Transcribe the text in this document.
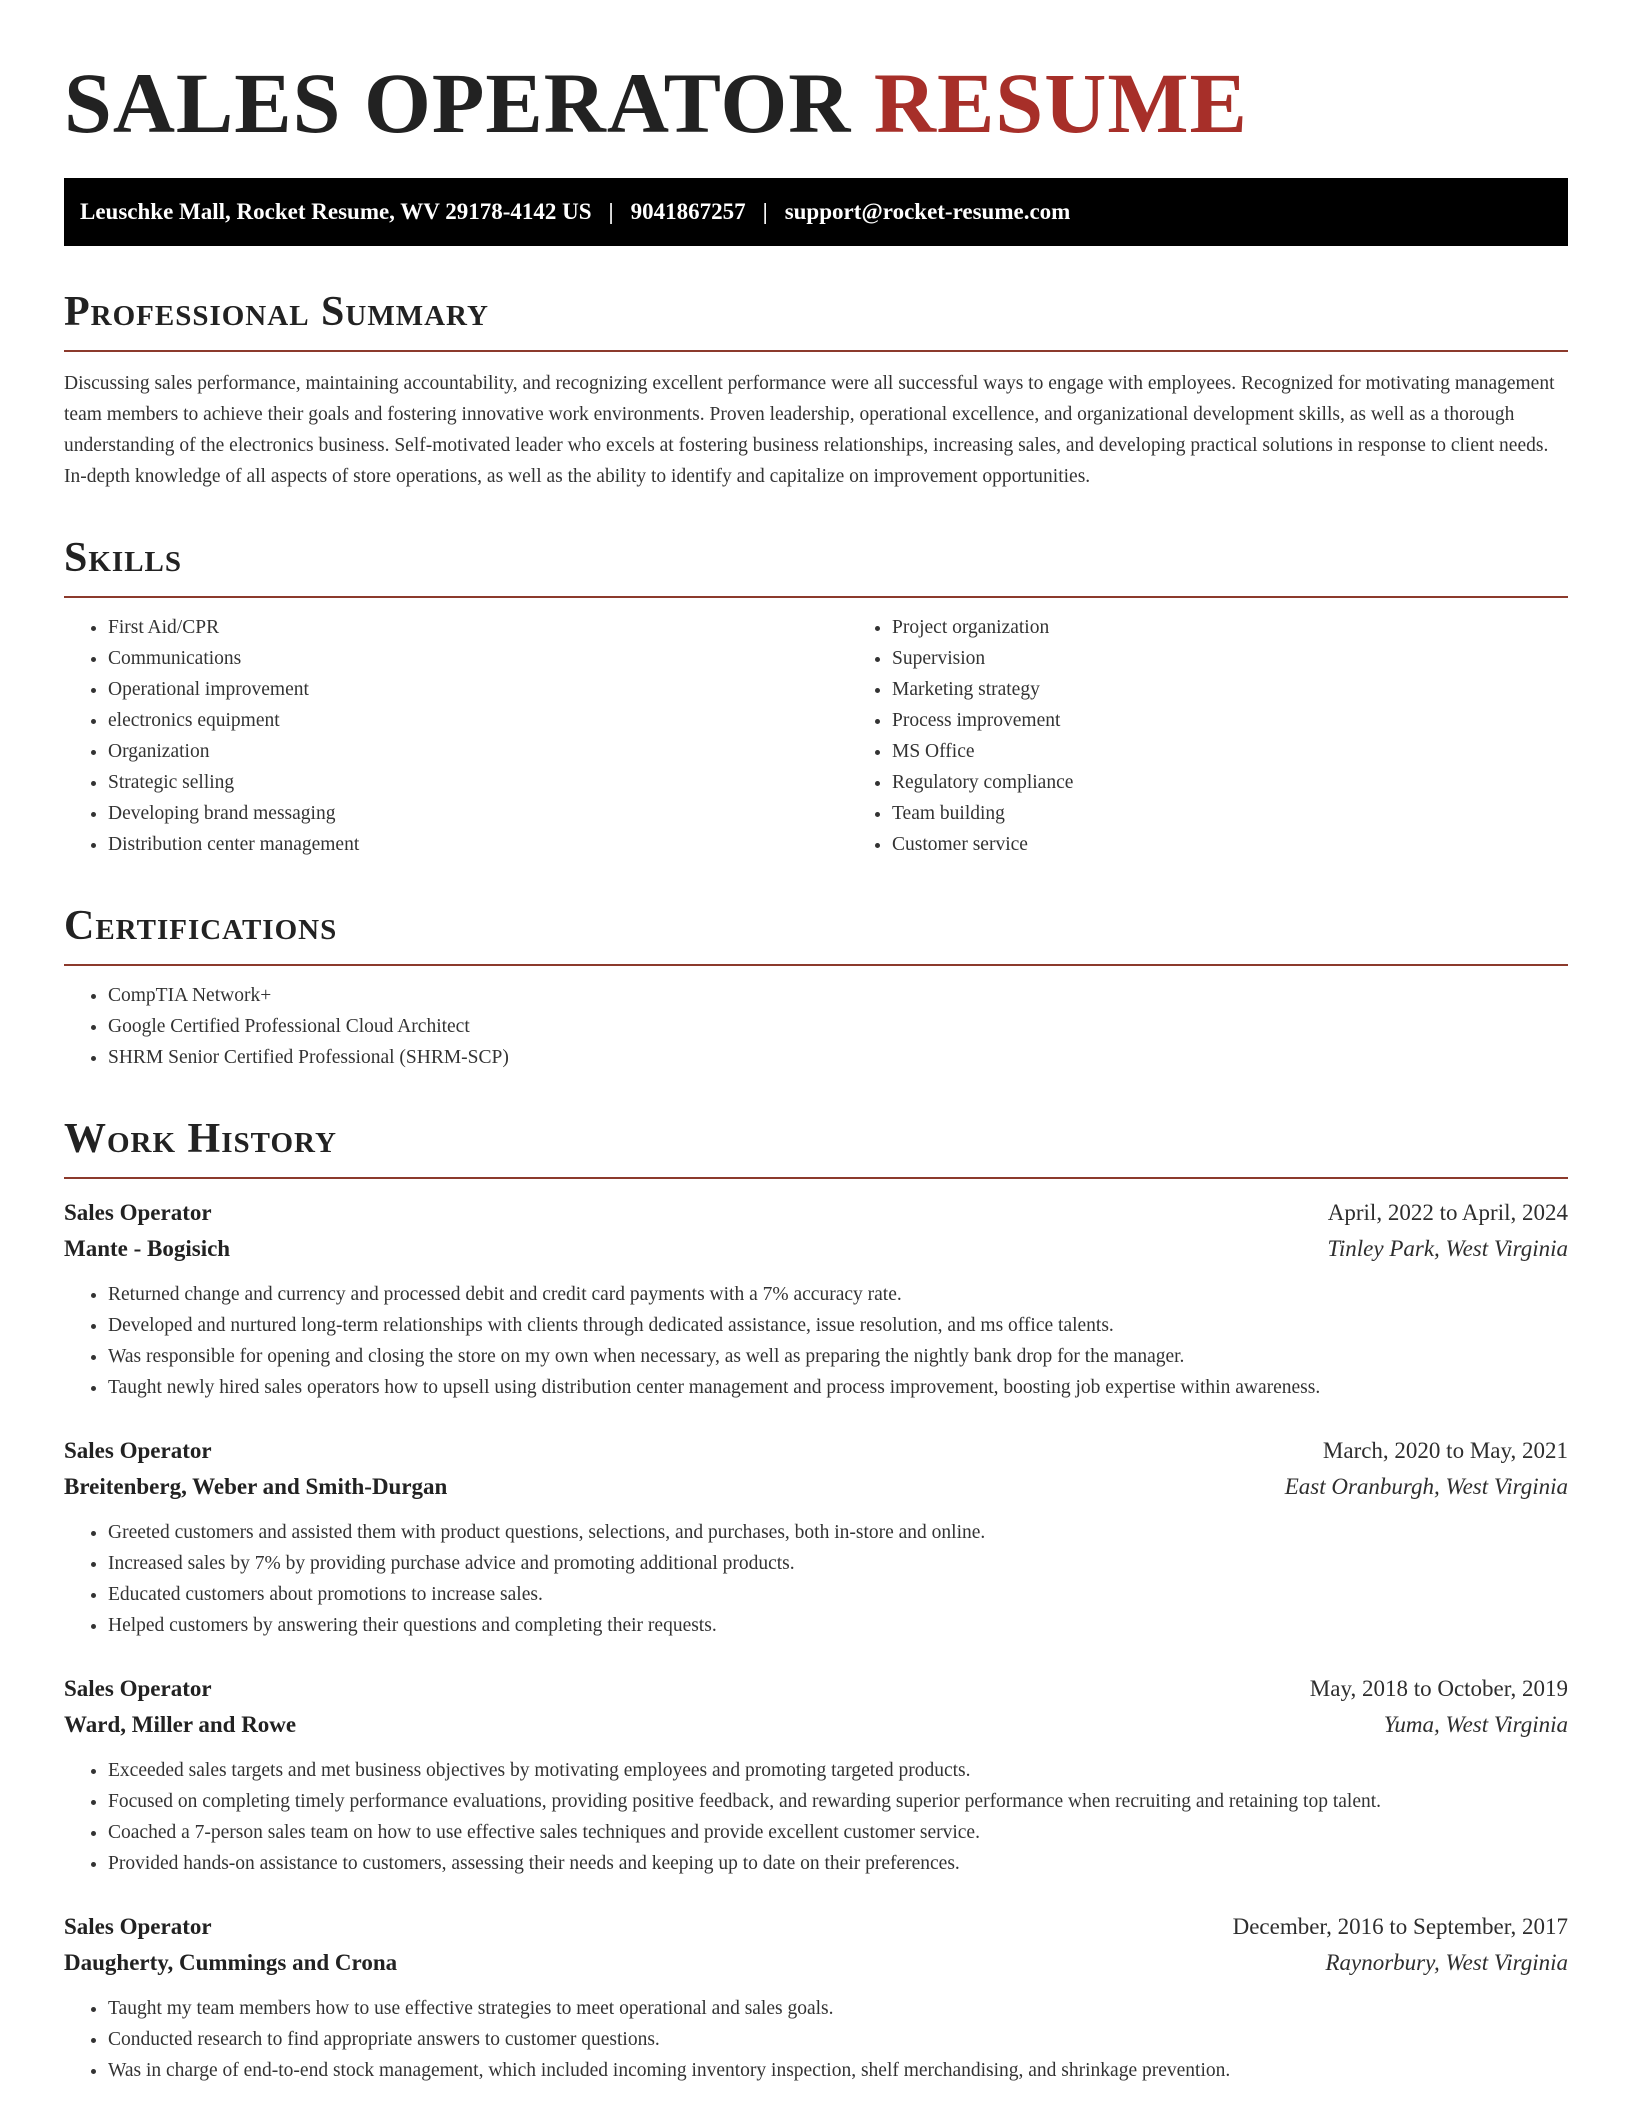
SALES OPERATOR RESUME
Leuschke Mall, Rocket Resume, WV 29178-4142 US | 9041867257 | support@rocket-resume.com
Professional Summary

Discussing sales performance, maintaining accountability, and recognizing excellent performance were all successful ways to engage with employees. Recognized for motivating management team members to achieve their goals and fostering innovative work environments. Proven leadership, operational excellence, and organizational development skills, as well as a thorough understanding of the electronics business. Self-motivated leader who excels at fostering business relationships, increasing sales, and developing practical solutions in response to client needs. In-depth knowledge of all aspects of store operations, as well as the ability to identify and capitalize on improvement opportunities.

Skills
• First Aid/CPR
• Communications
• Operational improvement
• electronics equipment
• Organization
• Strategic selling
• Developing brand messaging
• Distribution center management
• Project organization
• Supervision
• Marketing strategy
• Process improvement
• MS Office
• Regulatory compliance
• Team building
• Customer service
Certifications
• CompTIA Network+
• Google Certified Professional Cloud Architect
• SHRM Senior Certified Professional (SHRM-SCP)
Work History
Sales Operator	April, 2022 to April, 2024
Mante - Bogisich	Tinley Park, West Virginia
• Returned change and currency and processed debit and credit card payments with a 7% accuracy rate.
• Developed and nurtured long-term relationships with clients through dedicated assistance, issue resolution, and ms office talents.
• Was responsible for opening and closing the store on my own when necessary, as well as preparing the nightly bank drop for the manager.
• Taught newly hired sales operators how to upsell using distribution center management and process improvement, boosting job expertise within awareness.
Sales Operator	March, 2020 to May, 2021
Breitenberg, Weber and Smith-Durgan	East Oranburgh, West Virginia
• Greeted customers and assisted them with product questions, selections, and purchases, both in-store and online.
• Increased sales by 7% by providing purchase advice and promoting additional products.
• Educated customers about promotions to increase sales.
• Helped customers by answering their questions and completing their requests.
Sales Operator	May, 2018 to October, 2019
Ward, Miller and Rowe	Yuma, West Virginia
• Exceeded sales targets and met business objectives by motivating employees and promoting targeted products.
• Focused on completing timely performance evaluations, providing positive feedback, and rewarding superior performance when recruiting and retaining top talent.
• Coached a 7-person sales team on how to use effective sales techniques and provide excellent customer service.
• Provided hands-on assistance to customers, assessing their needs and keeping up to date on their preferences.
Sales Operator	December, 2016 to September, 2017
Daugherty, Cummings and Crona	Raynorbury, West Virginia
• Taught my team members how to use effective strategies to meet operational and sales goals.
• Conducted research to find appropriate answers to customer questions.
• Was in charge of end-to-end stock management, which included incoming inventory inspection, shelf merchandising, and shrinkage prevention.
